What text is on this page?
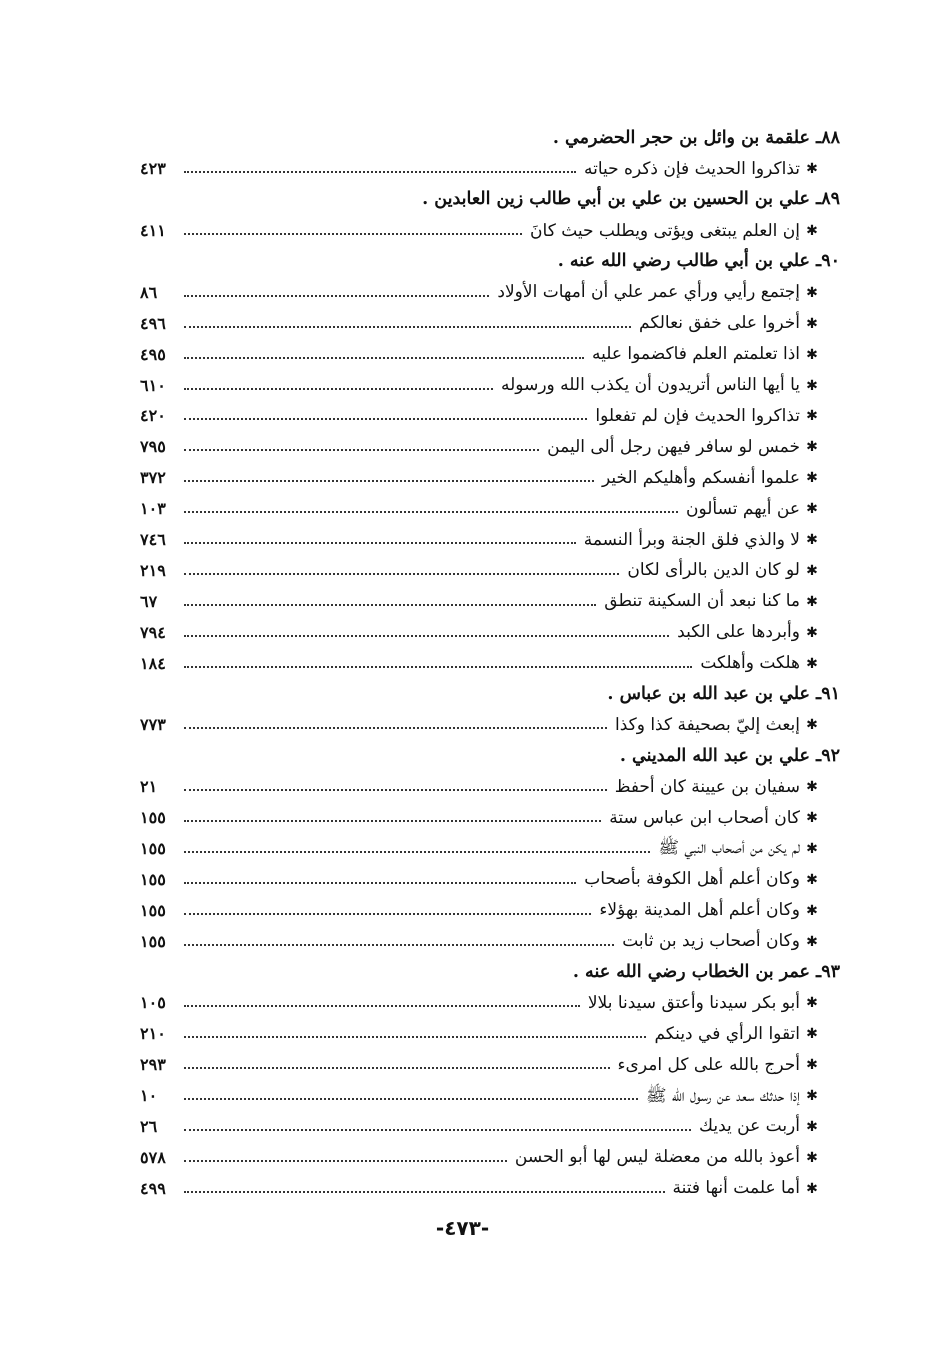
٨٨ـ علقمة بن وائل بن حجر الحضرمي .
✱
تذاكروا الحديث فإن ذكره حياته
٤٢٣
٨٩ـ علي بن الحسين بن علي بن أبي طالب زين العابدين .
✱
إن العلم يبتغى ويؤتى ويطلب حيث كانَ
٤١١
٩٠ـ علي بن أبي طالب رضي الله عنه .
✱
إجتمع رأيي ورأي عمر علي أن أمهات الأولاد
٨٦
✱
أخروا على خفق نعالكم
٤٩٦
✱
اذا تعلمتم العلم فاكضموا عليه
٤٩٥
✱
يا أيها الناس أتريدون أن يكذب الله ورسوله
٦١٠
✱
تذاكروا الحديث فإن لم تفعلوا
٤٢٠
✱
خمس لو سافر فيهن رجل ألى اليمن
٧٩٥
✱
علموا أنفسكم وأهليكم الخير
٣٧٢
✱
عن أيهم تسألون
١٠٣
✱
لا والذي فلق الجنة وبرأ النسمة
٧٤٦
✱
لو كان الدين بالرأى لكان
٢١٩
✱
ما كنا نبعد أن السكينة تنطق
٦٧
✱
وأبردها على الكبد
٧٩٤
✱
هلكت وأهلكت
١٨٤
٩١ـ علي بن عبد الله بن عباس .
✱
إبعث إليّ بصحيفة كذا وكذا
٧٧٣
٩٢ـ علي بن عبد الله المديني .
✱
سفيان بن عيينة كان أحفظ
٢١
✱
كان أصحاب ابن عباس ستة
١٥٥
✱
لم يكن من أصحاب النبي ﷺ
١٥٥
✱
وكان أعلم أهل الكوفة بأصحاب
١٥٥
✱
وكان أعلم أهل المدينة بهؤلاء
١٥٥
✱
وكان أصحاب زيد بن ثابت
١٥٥
٩٣ـ عمر بن الخطاب رضي الله عنه .
✱
أبو بكر سيدنا وأعتق سيدنا بلالا
١٠٥
✱
اتقوا الرأي في دينكم
٢١٠
✱
أحرج بالله على كل امرىء
٢٩٣
✱
إذا حدثك سعد عن رسول الله ﷺ
١٠
✱
أربت عن يديك
٢٦
✱
أعوذ بالله من معضلة ليس لها أبو الحسن
٥٧٨
✱
أما علمت أنها فتنة
٤٩٩
-٤٧٣-
